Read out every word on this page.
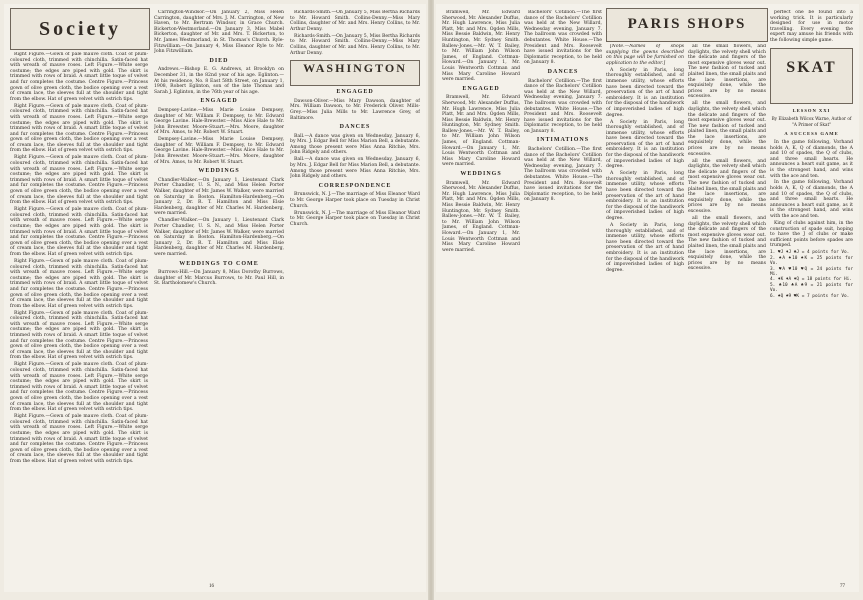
Society

Right Figure.—Gown of pale mauve cloth. Coat of plum-coloured cloth, trimmed with chinchilla. Satin-faced hat with wreath of mauve roses. Left Figure.—White serge costume; the edges are piped with gold. The skirt is trimmed with rows of braid. A smart little toque of velvet and fur completes the costume. Centre Figure.—Princess gown of olive green cloth, the bodice opening over a vest of cream lace, the sleeves full at the shoulder and tight from the elbow. Hat of green velvet with ostrich tips.

Right Figure.—Gown of pale mauve cloth. Coat of plum-coloured cloth, trimmed with chinchilla. Satin-faced hat with wreath of mauve roses. Left Figure.—White serge costume; the edges are piped with gold. The skirt is trimmed with rows of braid. A smart little toque of velvet and fur completes the costume. Centre Figure.—Princess gown of olive green cloth, the bodice opening over a vest of cream lace, the sleeves full at the shoulder and tight from the elbow. Hat of green velvet with ostrich tips.

Right Figure.—Gown of pale mauve cloth. Coat of plum-coloured cloth, trimmed with chinchilla. Satin-faced hat with wreath of mauve roses. Left Figure.—White serge costume; the edges are piped with gold. The skirt is trimmed with rows of braid. A smart little toque of velvet and fur completes the costume. Centre Figure.—Princess gown of olive green cloth, the bodice opening over a vest of cream lace, the sleeves full at the shoulder and tight from the elbow. Hat of green velvet with ostrich tips.

Right Figure.—Gown of pale mauve cloth. Coat of plum-coloured cloth, trimmed with chinchilla. Satin-faced hat with wreath of mauve roses. Left Figure.—White serge costume; the edges are piped with gold. The skirt is trimmed with rows of braid. A smart little toque of velvet and fur completes the costume. Centre Figure.—Princess gown of olive green cloth, the bodice opening over a vest of cream lace, the sleeves full at the shoulder and tight from the elbow. Hat of green velvet with ostrich tips.

Right Figure.—Gown of pale mauve cloth. Coat of plum-coloured cloth, trimmed with chinchilla. Satin-faced hat with wreath of mauve roses. Left Figure.—White serge costume; the edges are piped with gold. The skirt is trimmed with rows of braid. A smart little toque of velvet and fur completes the costume. Centre Figure.—Princess gown of olive green cloth, the bodice opening over a vest of cream lace, the sleeves full at the shoulder and tight from the elbow. Hat of green velvet with ostrich tips.

Right Figure.—Gown of pale mauve cloth. Coat of plum-coloured cloth, trimmed with chinchilla. Satin-faced hat with wreath of mauve roses. Left Figure.—White serge costume; the edges are piped with gold. The skirt is trimmed with rows of braid. A smart little toque of velvet and fur completes the costume. Centre Figure.—Princess gown of olive green cloth, the bodice opening over a vest of cream lace, the sleeves full at the shoulder and tight from the elbow. Hat of green velvet with ostrich tips.

Right Figure.—Gown of pale mauve cloth. Coat of plum-coloured cloth, trimmed with chinchilla. Satin-faced hat with wreath of mauve roses. Left Figure.—White serge costume; the edges are piped with gold. The skirt is trimmed with rows of braid. A smart little toque of velvet and fur completes the costume. Centre Figure.—Princess gown of olive green cloth, the bodice opening over a vest of cream lace, the sleeves full at the shoulder and tight from the elbow. Hat of green velvet with ostrich tips.

Right Figure.—Gown of pale mauve cloth. Coat of plum-coloured cloth, trimmed with chinchilla. Satin-faced hat with wreath of mauve roses. Left Figure.—White serge costume; the edges are piped with gold. The skirt is trimmed with rows of braid. A smart little toque of velvet and fur completes the costume. Centre Figure.—Princess gown of olive green cloth, the bodice opening over a vest of cream lace, the sleeves full at the shoulder and tight from the elbow. Hat of green velvet with ostrich tips.

Carrington-Windsor.—On January 2, Miss Helen Carrington, daughter of Mrs. J. M. Carrington, of New Haven, to Mr. Bertram Windsor, in Grace Church. Bickerton-Westmorland.—On January 3, Miss Mabel Bickerton, daughter of Mr. and Mrs. T. Bickerton, to Mr. James Westmorland, in St. Thomas's Church. Ryle-Fitzwilliam.—On January 4, Miss Eleanor Ryle to Mr. John Fitzwilliam.

DIED

Andrews.—Bishop E. G. Andrews, at Brooklyn on December 31, in the 82nd year of his age. Eglinton.—At his residence, No. 8 East 58th Street, on January 1, 1908, Robert Eglinton, son of the late Thomas and Sarah J. Eglinton, in the 76th year of his age.

ENGAGED

Dempsey-Lavine.—Miss Marie Louise Dempsey, daughter of Mr. William F. Dempsey, to Mr. Edward George Lavine. Hale-Brewster.—Miss Alice Hale to Mr. John Brewster. Moore-Stuart.—Mrs. Moore, daughter of Mrs. Amos, to Mr. Robert W. Stuart.

Dempsey-Lavine.—Miss Marie Louise Dempsey, daughter of Mr. William F. Dempsey, to Mr. Edward George Lavine. Hale-Brewster.—Miss Alice Hale to Mr. John Brewster. Moore-Stuart.—Mrs. Moore, daughter of Mrs. Amos, to Mr. Robert W. Stuart.

WEDDINGS

Chandler-Walker.—On January 1, Lieutenant Clark Porter Chandler, U. S. N., and Miss Helen Porter Walker, daughter of Mr. James W. Walker, were married on Saturday in Boston. Hamilton-Hardenberg.—On January 2, Dr. R. T. Hamilton and Miss Elsie Hardenberg, daughter of Mr. Charles M. Hardenberg, were married.

Chandler-Walker.—On January 1, Lieutenant Clark Porter Chandler, U. S. N., and Miss Helen Porter Walker, daughter of Mr. James W. Walker, were married on Saturday in Boston. Hamilton-Hardenberg.—On January 2, Dr. R. T. Hamilton and Miss Elsie Hardenberg, daughter of Mr. Charles M. Hardenberg, were married.

WEDDINGS TO COME

Burrows-Hill.—On January 8, Miss Dorothy Burrows, daughter of Mr. Marcus Burrows, to Mr. Paul Hill, in St. Bartholomew's Church.

Richards-Smith.—On January 5, Miss Bertha Richards to Mr. Howard Smith. Collins-Denny.—Miss Mary Collins, daughter of Mr. and Mrs. Henry Collins, to Mr. Arthur Denny.

Richards-Smith.—On January 5, Miss Bertha Richards to Mr. Howard Smith. Collins-Denny.—Miss Mary Collins, daughter of Mr. and Mrs. Henry Collins, to Mr. Arthur Denny.

WASHINGTON
ENGAGED

Dawson-Oliver.—Miss Mary Dawson, daughter of Mrs. William Dawson, to Mr. Frederick Oliver. Mills-Grey.—Miss Julia Mills to Mr. Lawrence Grey, of Baltimore.

DANCES

Ball.—A dance was given on Wednesday, January 6, by Mrs. J. Edgar Bell for Miss Marion Bell, a debutante. Among those present were Miss Anna Ritchie, Mrs. John Ridgely and others.

Ball.—A dance was given on Wednesday, January 6, by Mrs. J. Edgar Bell for Miss Marion Bell, a debutante. Among those present were Miss Anna Ritchie, Mrs. John Ridgely and others.

CORRESPONDENCE

Brunswick, N. J.—The marriage of Miss Eleanor Ward to Mr. George Harper took place on Tuesday in Christ Church.

Brunswick, N. J.—The marriage of Miss Eleanor Ward to Mr. George Harper took place on Tuesday in Christ Church.

16

Bramwell, Mr. Edward Sherwood, Mr. Alexander Duffus, Mr. Hugh Lawrence, Miss Julia Platt, Mr. and Mrs. Ogden Mills, Miss Bessie Baldwin, Mr. Henry Huntington, Mr. Sydney Smith. Ballew-Jones.—Mr. W. T. Bailey, to Mr. William John Wilson James, of England. Cottman-Howard.—On January 1, Mr. Louis Wentworth Cottman and Miss Mary Caroline Howard were married.

ENGAGED

Bramwell, Mr. Edward Sherwood, Mr. Alexander Duffus, Mr. Hugh Lawrence, Miss Julia Platt, Mr. and Mrs. Ogden Mills, Miss Bessie Baldwin, Mr. Henry Huntington, Mr. Sydney Smith. Ballew-Jones.—Mr. W. T. Bailey, to Mr. William John Wilson James, of England. Cottman-Howard.—On January 1, Mr. Louis Wentworth Cottman and Miss Mary Caroline Howard were married.

WEDDINGS

Bramwell, Mr. Edward Sherwood, Mr. Alexander Duffus, Mr. Hugh Lawrence, Miss Julia Platt, Mr. and Mrs. Ogden Mills, Miss Bessie Baldwin, Mr. Henry Huntington, Mr. Sydney Smith. Ballew-Jones.—Mr. W. T. Bailey, to Mr. William John Wilson James, of England. Cottman-Howard.—On January 1, Mr. Louis Wentworth Cottman and Miss Mary Caroline Howard were married.

Bachelors' Cotillion.—The first dance of the Bachelors' Cotillion was held at the New Willard, Wednesday evening, January 7. The ballroom was crowded with debutantes. White House.—The President and Mrs. Roosevelt have issued invitations for the Diplomatic reception, to be held on January 8.

DANCES

Bachelors' Cotillion.—The first dance of the Bachelors' Cotillion was held at the New Willard, Wednesday evening, January 7. The ballroom was crowded with debutantes. White House.—The President and Mrs. Roosevelt have issued invitations for the Diplomatic reception, to be held on January 8.

INTIMATIONS

Bachelors' Cotillion.—The first dance of the Bachelors' Cotillion was held at the New Willard, Wednesday evening, January 7. The ballroom was crowded with debutantes. White House.—The President and Mrs. Roosevelt have issued invitations for the Diplomatic reception, to be held on January 8.

PARIS SHOPS

[Note.—Names of shops supplying the gowns described on this page will be furnished on application to the editor.]

A Society in Paris, long thoroughly established, and of immense utility, whose efforts have been directed toward the preservation of the art of hand embroidery. It is an institution for the disposal of the handiwork of impoverished ladies of high degree.

A Society in Paris, long thoroughly established, and of immense utility, whose efforts have been directed toward the preservation of the art of hand embroidery. It is an institution for the disposal of the handiwork of impoverished ladies of high degree.

A Society in Paris, long thoroughly established, and of immense utility, whose efforts have been directed toward the preservation of the art of hand embroidery. It is an institution for the disposal of the handiwork of impoverished ladies of high degree.

A Society in Paris, long thoroughly established, and of immense utility, whose efforts have been directed toward the preservation of the art of hand embroidery. It is an institution for the disposal of the handiwork of impoverished ladies of high degree.

all the small flowers, and daylights, the velvety shell which the delicate and fingers of the most expensive gloves wear out. The new fashion of tucked and plaited linen, the small plaits and the lace insertions, are exquisitely done, while the prices are by no means excessive.

all the small flowers, and daylights, the velvety shell which the delicate and fingers of the most expensive gloves wear out. The new fashion of tucked and plaited linen, the small plaits and the lace insertions, are exquisitely done, while the prices are by no means excessive.

all the small flowers, and daylights, the velvety shell which the delicate and fingers of the most expensive gloves wear out. The new fashion of tucked and plaited linen, the small plaits and the lace insertions, are exquisitely done, while the prices are by no means excessive.

all the small flowers, and daylights, the velvety shell which the delicate and fingers of the most expensive gloves wear out. The new fashion of tucked and plaited linen, the small plaits and the lace insertions, are exquisitely done, while the prices are by no means excessive.

perfect one be found into a working trick. It is particularly designed for use in motor travelling. Every evening the expert may amuse his friends with the following simple game.

SKAT
LESSON XXI
By Elizabeth Wilcox Warne, Author of "A Primer of Skat"
A SUCCESS GAME

In the game following, Vorhand holds A, K, Q of diamonds, the A and 10 of spades, the Q of clubs, and three small hearts. He announces a heart suit game, as it is the strongest hand, and wins with the ace and ten.

In the game following, Vorhand holds A, K, Q of diamonds, the A and 10 of spades, the Q of clubs, and three small hearts. He announces a heart suit game, as it is the strongest hand, and wins with the ace and ten.

King of clubs against him, in the construction of spade suit, hoping to have the J of clubs or make sufficient points before spades are trumped.

1. ♥J ♦J ♣J = 4 points for Vo.
2. ♠A ♠10 ♠K = 25 points for Vo.
3. ♥A ♥10 ♥Q = 24 points for Mi.
4. ♦K ♦A ♦Q = 18 points for Hi.
5. ♣10 ♣A ♣9 = 21 points for Vo.
6. ♠Q ♠9 ♥K = 7 points for Vo.
77
